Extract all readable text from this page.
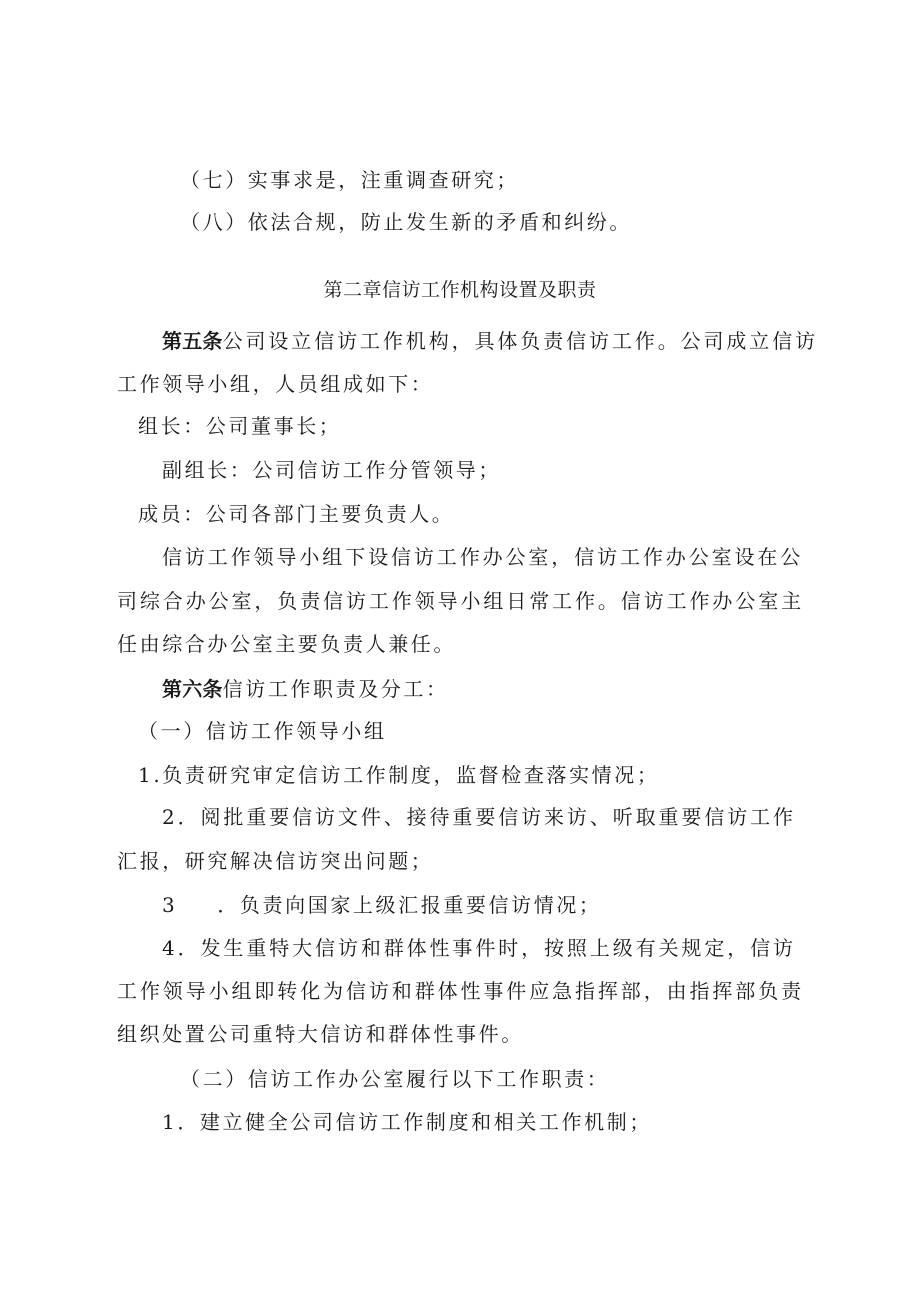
（七）实事求是，注重调查研究；

（八）依法合规，防止发生新的矛盾和纠纷。

第二章信访工作机构设置及职责

第五条公司设立信访工作机构，具体负责信访工作。公司成立信访

工作领导小组，人员组成如下：

组长：公司董事长；

副组长：公司信访工作分管领导；

成员：公司各部门主要负责人。

信访工作领导小组下设信访工作办公室，信访工作办公室设在公

司综合办公室，负责信访工作领导小组日常工作。信访工作办公室主

任由综合办公室主要负责人兼任。

第六条信访工作职责及分工：

（一）信访工作领导小组

1.负责研究审定信访工作制度，监督检查落实情况；

2．阅批重要信访文件、接待重要信访来访、听取重要信访工作

汇报，研究解决信访突出问题；

3 ．负责向国家上级汇报重要信访情况；

4．发生重特大信访和群体性事件时，按照上级有关规定，信访

工作领导小组即转化为信访和群体性事件应急指挥部，由指挥部负责

组织处置公司重特大信访和群体性事件。

（二）信访工作办公室履行以下工作职责：

1．建立健全公司信访工作制度和相关工作机制；
